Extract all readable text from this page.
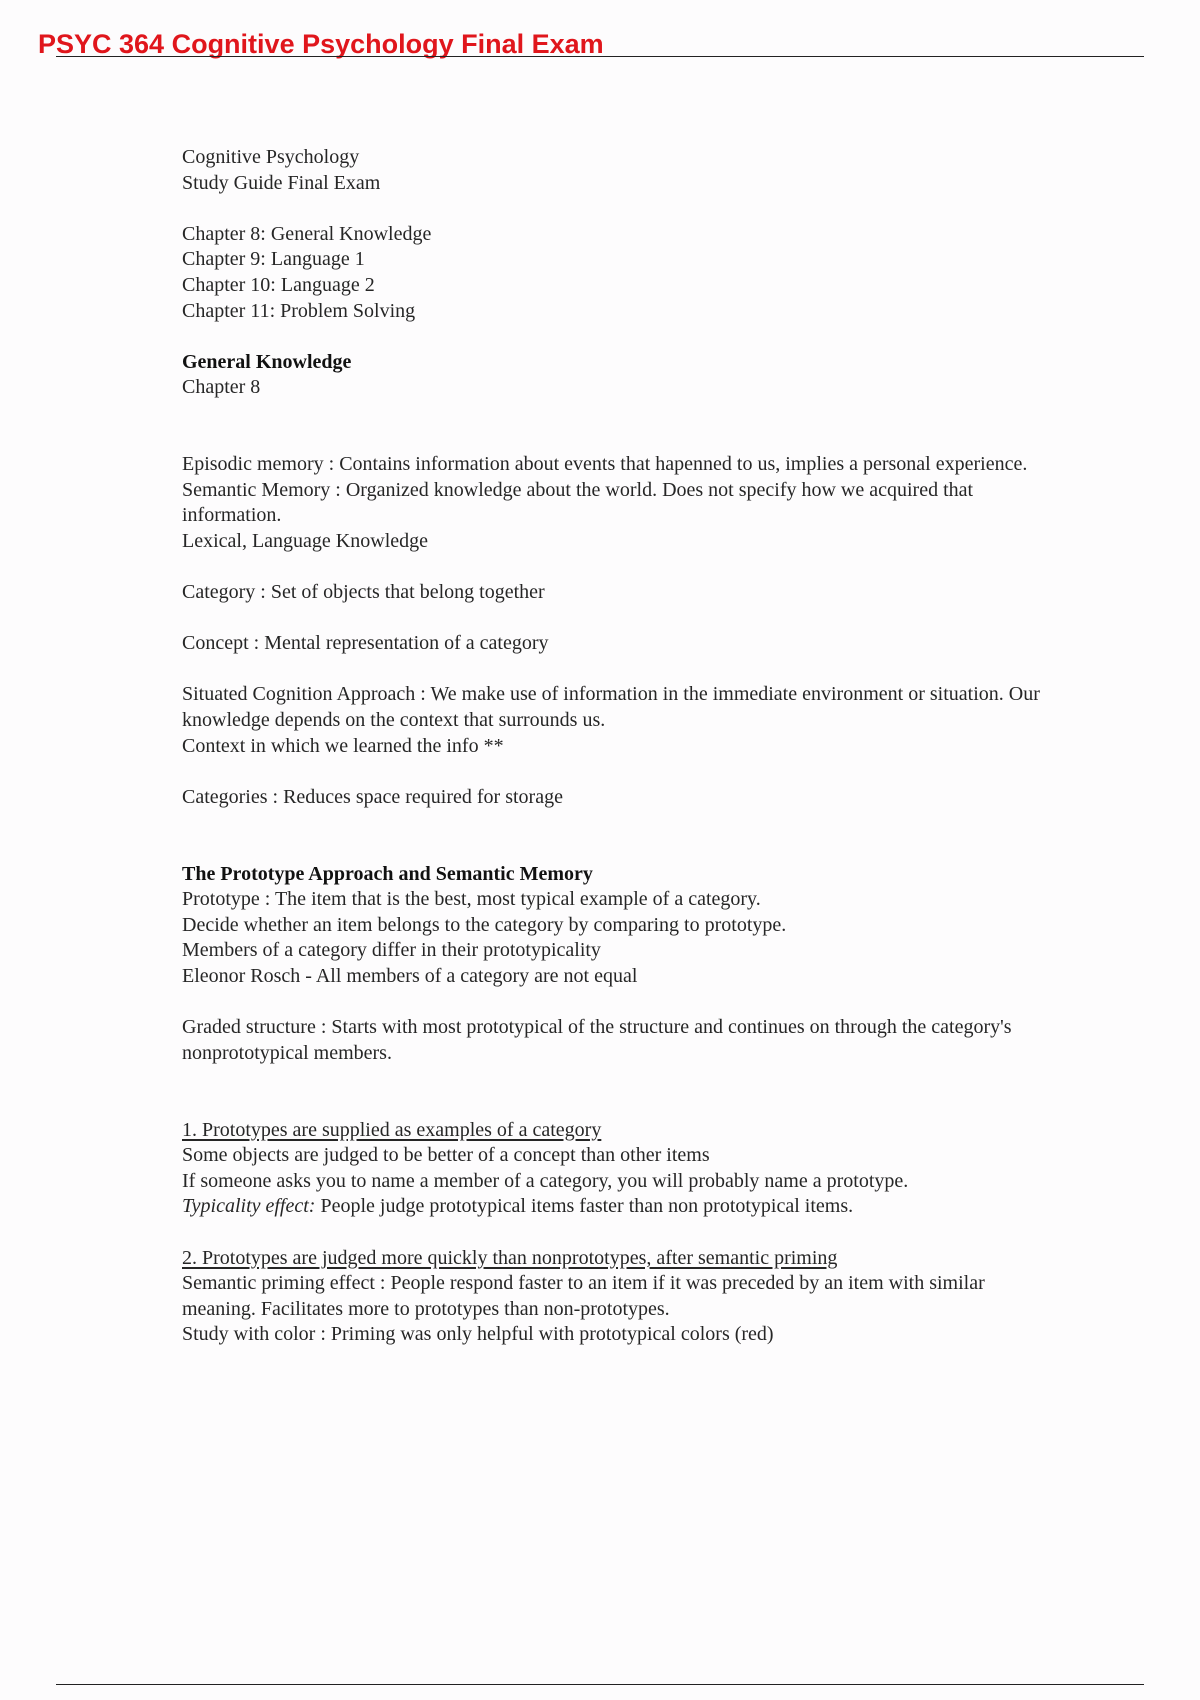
PSYC 364 Cognitive Psychology Final Exam

Cognitive Psychology
Study Guide Final Exam

Chapter 8: General Knowledge
Chapter 9: Language 1
Chapter 10: Language 2
Chapter 11: Problem Solving

General Knowledge
Chapter 8

Episodic memory : Contains information about events that hapenned to us, implies a personal experience.
Semantic Memory : Organized knowledge about the world. Does not specify how we acquired that information.
Lexical, Language Knowledge

Category : Set of objects that belong together

Concept : Mental representation of a category

Situated Cognition Approach : We make use of information in the immediate environment or situation. Our knowledge depends on the context that surrounds us.
Context in which we learned the info **

Categories : Reduces space required for storage

The Prototype Approach and Semantic Memory
Prototype : The item that is the best, most typical example of a category.
Decide whether an item belongs to the category by comparing to prototype.
Members of a category differ in their prototypicality
Eleonor Rosch - All members of a category are not equal

Graded structure : Starts with most prototypical of the structure and continues on through the category's nonprototypical members.

1. Prototypes are supplied as examples of a category
Some objects are judged to be better of a concept than other items
If someone asks you to name a member of a category, you will probably name a prototype.
Typicality effect: People judge prototypical items faster than non prototypical items.

2. Prototypes are judged more quickly than nonprototypes, after semantic priming
Semantic priming effect : People respond faster to an item if it was preceded by an item with similar meaning. Facilitates more to prototypes than non-prototypes.
Study with color : Priming was only helpful with prototypical colors (red)
